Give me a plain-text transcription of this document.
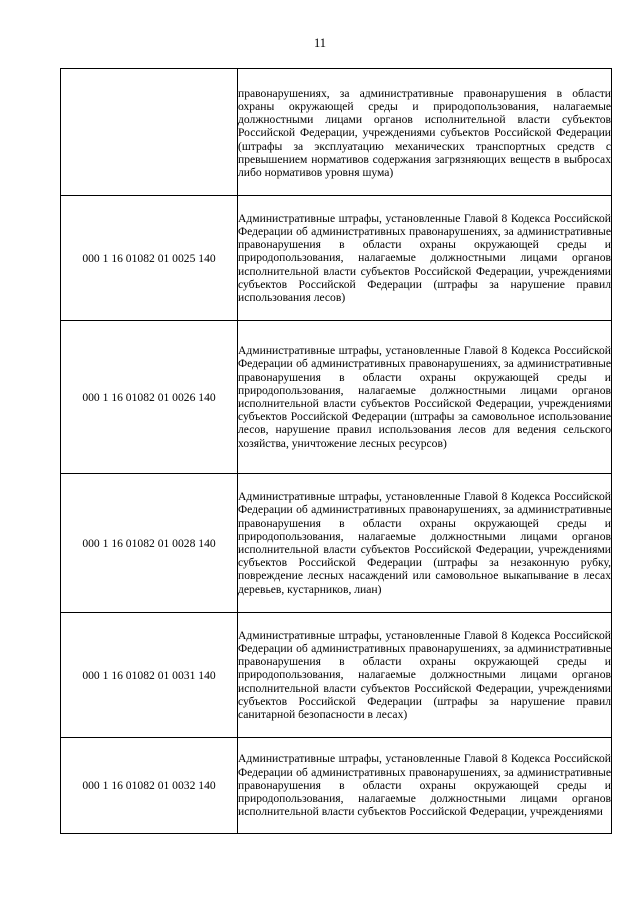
11
	правонарушениях, за административные правонарушения в области охраны окружающей среды и природопользования, налагаемые должностными лицами органов исполнительной власти субъектов Российской Федерации, учреждениями субъектов Российской Федерации (штрафы за эксплуатацию механических транспортных средств с превышением нормативов содержания загрязняющих веществ в выбросах либо нормативов уровня шума)
000 1 16 01082 01 0025 140	Административные штрафы, установленные Главой 8 Кодекса Российской Федерации об административных правонарушениях, за административные правонарушения в области охраны окружающей среды и природопользования, налагаемые должностными лицами органов исполнительной власти субъектов Российской Федерации, учреждениями субъектов Российской Федерации (штрафы за нарушение правил использования лесов)
000 1 16 01082 01 0026 140	Административные штрафы, установленные Главой 8 Кодекса Российской Федерации об административных правонарушениях, за административные правонарушения в области охраны окружающей среды и природопользования, налагаемые должностными лицами органов исполнительной власти субъектов Российской Федерации, учреждениями субъектов Российской Федерации (штрафы за самовольное использование лесов, нарушение правил использования лесов для ведения сельского хозяйства, уничтожение лесных ресурсов)
000 1 16 01082 01 0028 140	Административные штрафы, установленные Главой 8 Кодекса Российской Федерации об административных правонарушениях, за административные правонарушения в области охраны окружающей среды и природопользования, налагаемые должностными лицами органов исполнительной власти субъектов Российской Федерации, учреждениями субъектов Российской Федерации (штрафы за незаконную рубку, повреждение лесных насаждений или самовольное выкапывание в лесах деревьев, кустарников, лиан)
000 1 16 01082 01 0031 140	Административные штрафы, установленные Главой 8 Кодекса Российской Федерации об административных правонарушениях, за административные правонарушения в области охраны окружающей среды и природопользования, налагаемые должностными лицами органов исполнительной власти субъектов Российской Федерации, учреждениями субъектов Российской Федерации (штрафы за нарушение правил санитарной безопасности в лесах)
000 1 16 01082 01 0032 140	Административные штрафы, установленные Главой 8 Кодекса Российской Федерации об административных правонарушениях, за административные правонарушения в области охраны окружающей среды и природопользования, налагаемые должностными лицами органов исполнительной власти субъектов Российской Федерации, учреждениями
